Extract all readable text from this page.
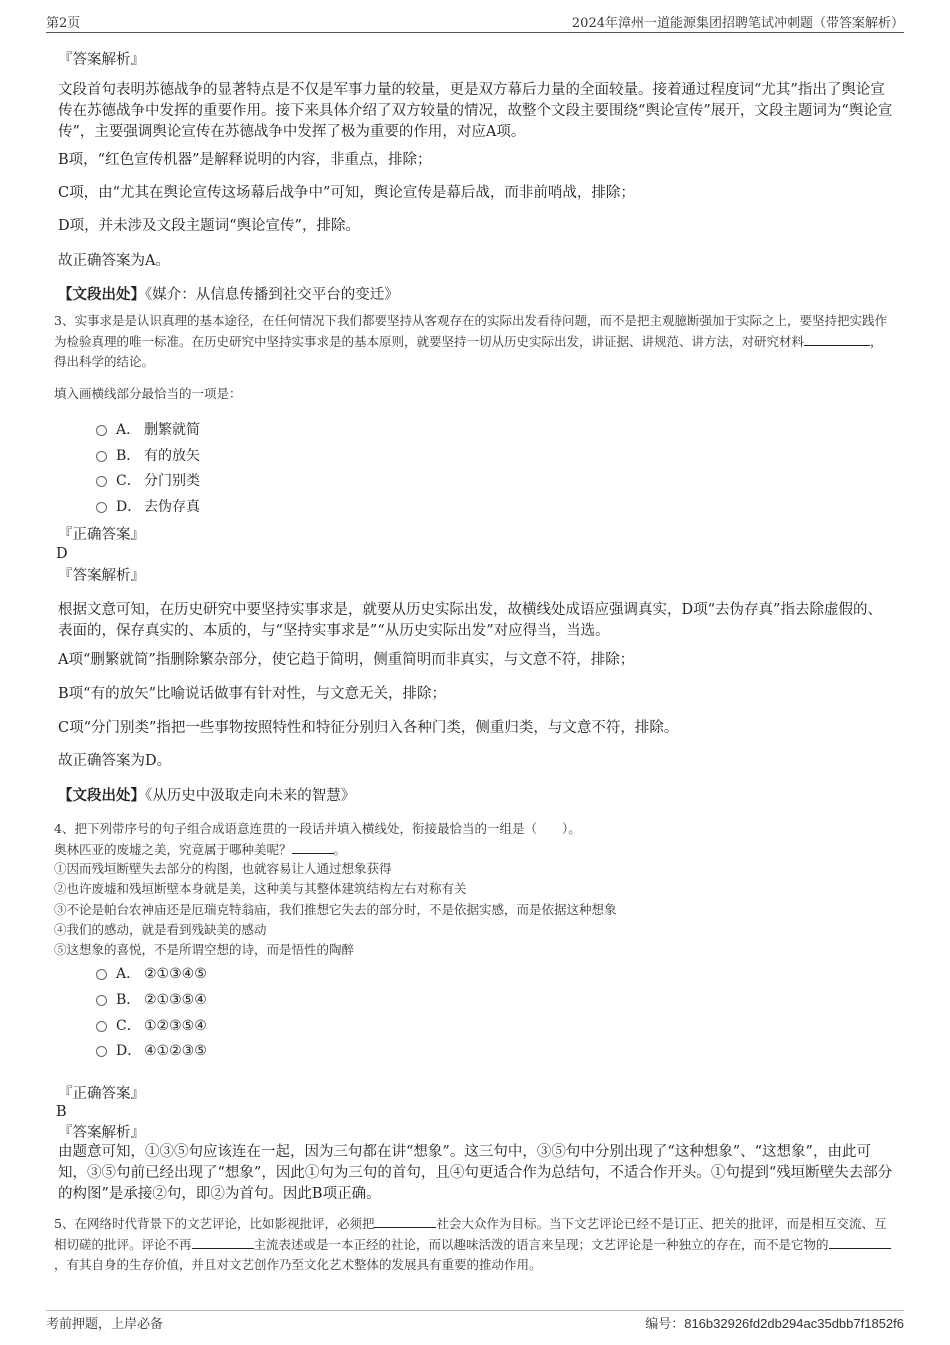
第2页	2024年漳州一道能源集团招聘笔试冲刺题（带答案解析）
『答案解析』
文段首句表明苏德战争的显著特点是不仅是军事力量的较量，更是双方幕后力量的全面较量。接着通过程度词“尤其”指出了舆论宣传在苏德战争中发挥的重要作用。接下来具体介绍了双方较量的情况，故整个文段主要围绕“舆论宣传”展开，文段主题词为“舆论宣传”，主要强调舆论宣传在苏德战争中发挥了极为重要的作用，对应A项。
B项，“红色宣传机器”是解释说明的内容，非重点，排除；
C项，由“尤其在舆论宣传这场幕后战争中”可知，舆论宣传是幕后战，而非前哨战，排除；
D项，并未涉及文段主题词“舆论宣传”，排除。
故正确答案为A。
【文段出处】《媒介：从信息传播到社交平台的变迁》
3、实事求是是认识真理的基本途径，在任何情况下我们都要坚持从客观存在的实际出发看待问题，而不是把主观臆断强加于实际之上，要坚持把实践作为检验真理的唯一标准。在历史研究中坚持实事求是的基本原则，就要坚持一切从历史实际出发，讲证据、讲规范、讲方法，对研究材料	，得出科学的结论。
填入画横线部分最恰当的一项是：
A． 删繁就简
B． 有的放矢
C． 分门别类
D． 去伪存真
『正确答案』
D
『答案解析』
根据文意可知，在历史研究中要坚持实事求是，就要从历史实际出发，故横线处成语应强调真实，D项“去伪存真”指去除虚假的、表面的，保存真实的、本质的，与“坚持实事求是”“从历史实际出发”对应得当，当选。
A项“删繁就简”指删除繁杂部分，使它趋于简明，侧重简明而非真实，与文意不符，排除；
B项“有的放矢”比喻说话做事有针对性，与文意无关，排除；
C项“分门别类”指把一些事物按照特性和特征分别归入各种门类，侧重归类，与文意不符，排除。
故正确答案为D。
【文段出处】《从历史中汲取走向未来的智慧》
4、把下列带序号的句子组合成语意连贯的一段话并填入横线处，衔接最恰当的一组是（　　）。
奥林匹亚的废墟之美，究竟属于哪种美呢？	。
①因而残垣断壁失去部分的构图，也就容易让人通过想象获得
②也许废墟和残垣断壁本身就是美，这种美与其整体建筑结构左右对称有关
③不论是帕台农神庙还是厄瑞克特翁庙，我们推想它失去的部分时，不是依据实感，而是依据这种想象
④我们的感动，就是看到残缺美的感动
⑤这想象的喜悦，不是所谓空想的诗，而是悟性的陶醉
A． ②①③④⑤
B． ②①③⑤④
C． ①②③⑤④
D． ④①②③⑤
『正确答案』
B
『答案解析』
由题意可知，①③⑤句应该连在一起，因为三句都在讲“想象”。这三句中，③⑤句中分别出现了“这种想象”、“这想象”，由此可知，③⑤句前已经出现了“想象”，因此①句为三句的首句，且④句更适合作为总结句，不适合作开头。①句提到“残垣断壁失去部分的构图”是承接②句，即②为首句。因此B项正确。
5、在网络时代背景下的文艺评论，比如影视批评，必须把	社会大众作为目标。当下文艺评论已经不是订正、把关的批评，而是相互交流、互相切磋的批评。评论不再	主流表述或是一本正经的社论，而以趣味活泼的语言来呈现；文艺评论是一种独立的存在，而不是它物的，有其自身的生存价值，并且对文艺创作乃至文化艺术整体的发展具有重要的推动作用。
考前押题，上岸必备	编号：816b32926fd2db294ac35dbb7f1852f6
